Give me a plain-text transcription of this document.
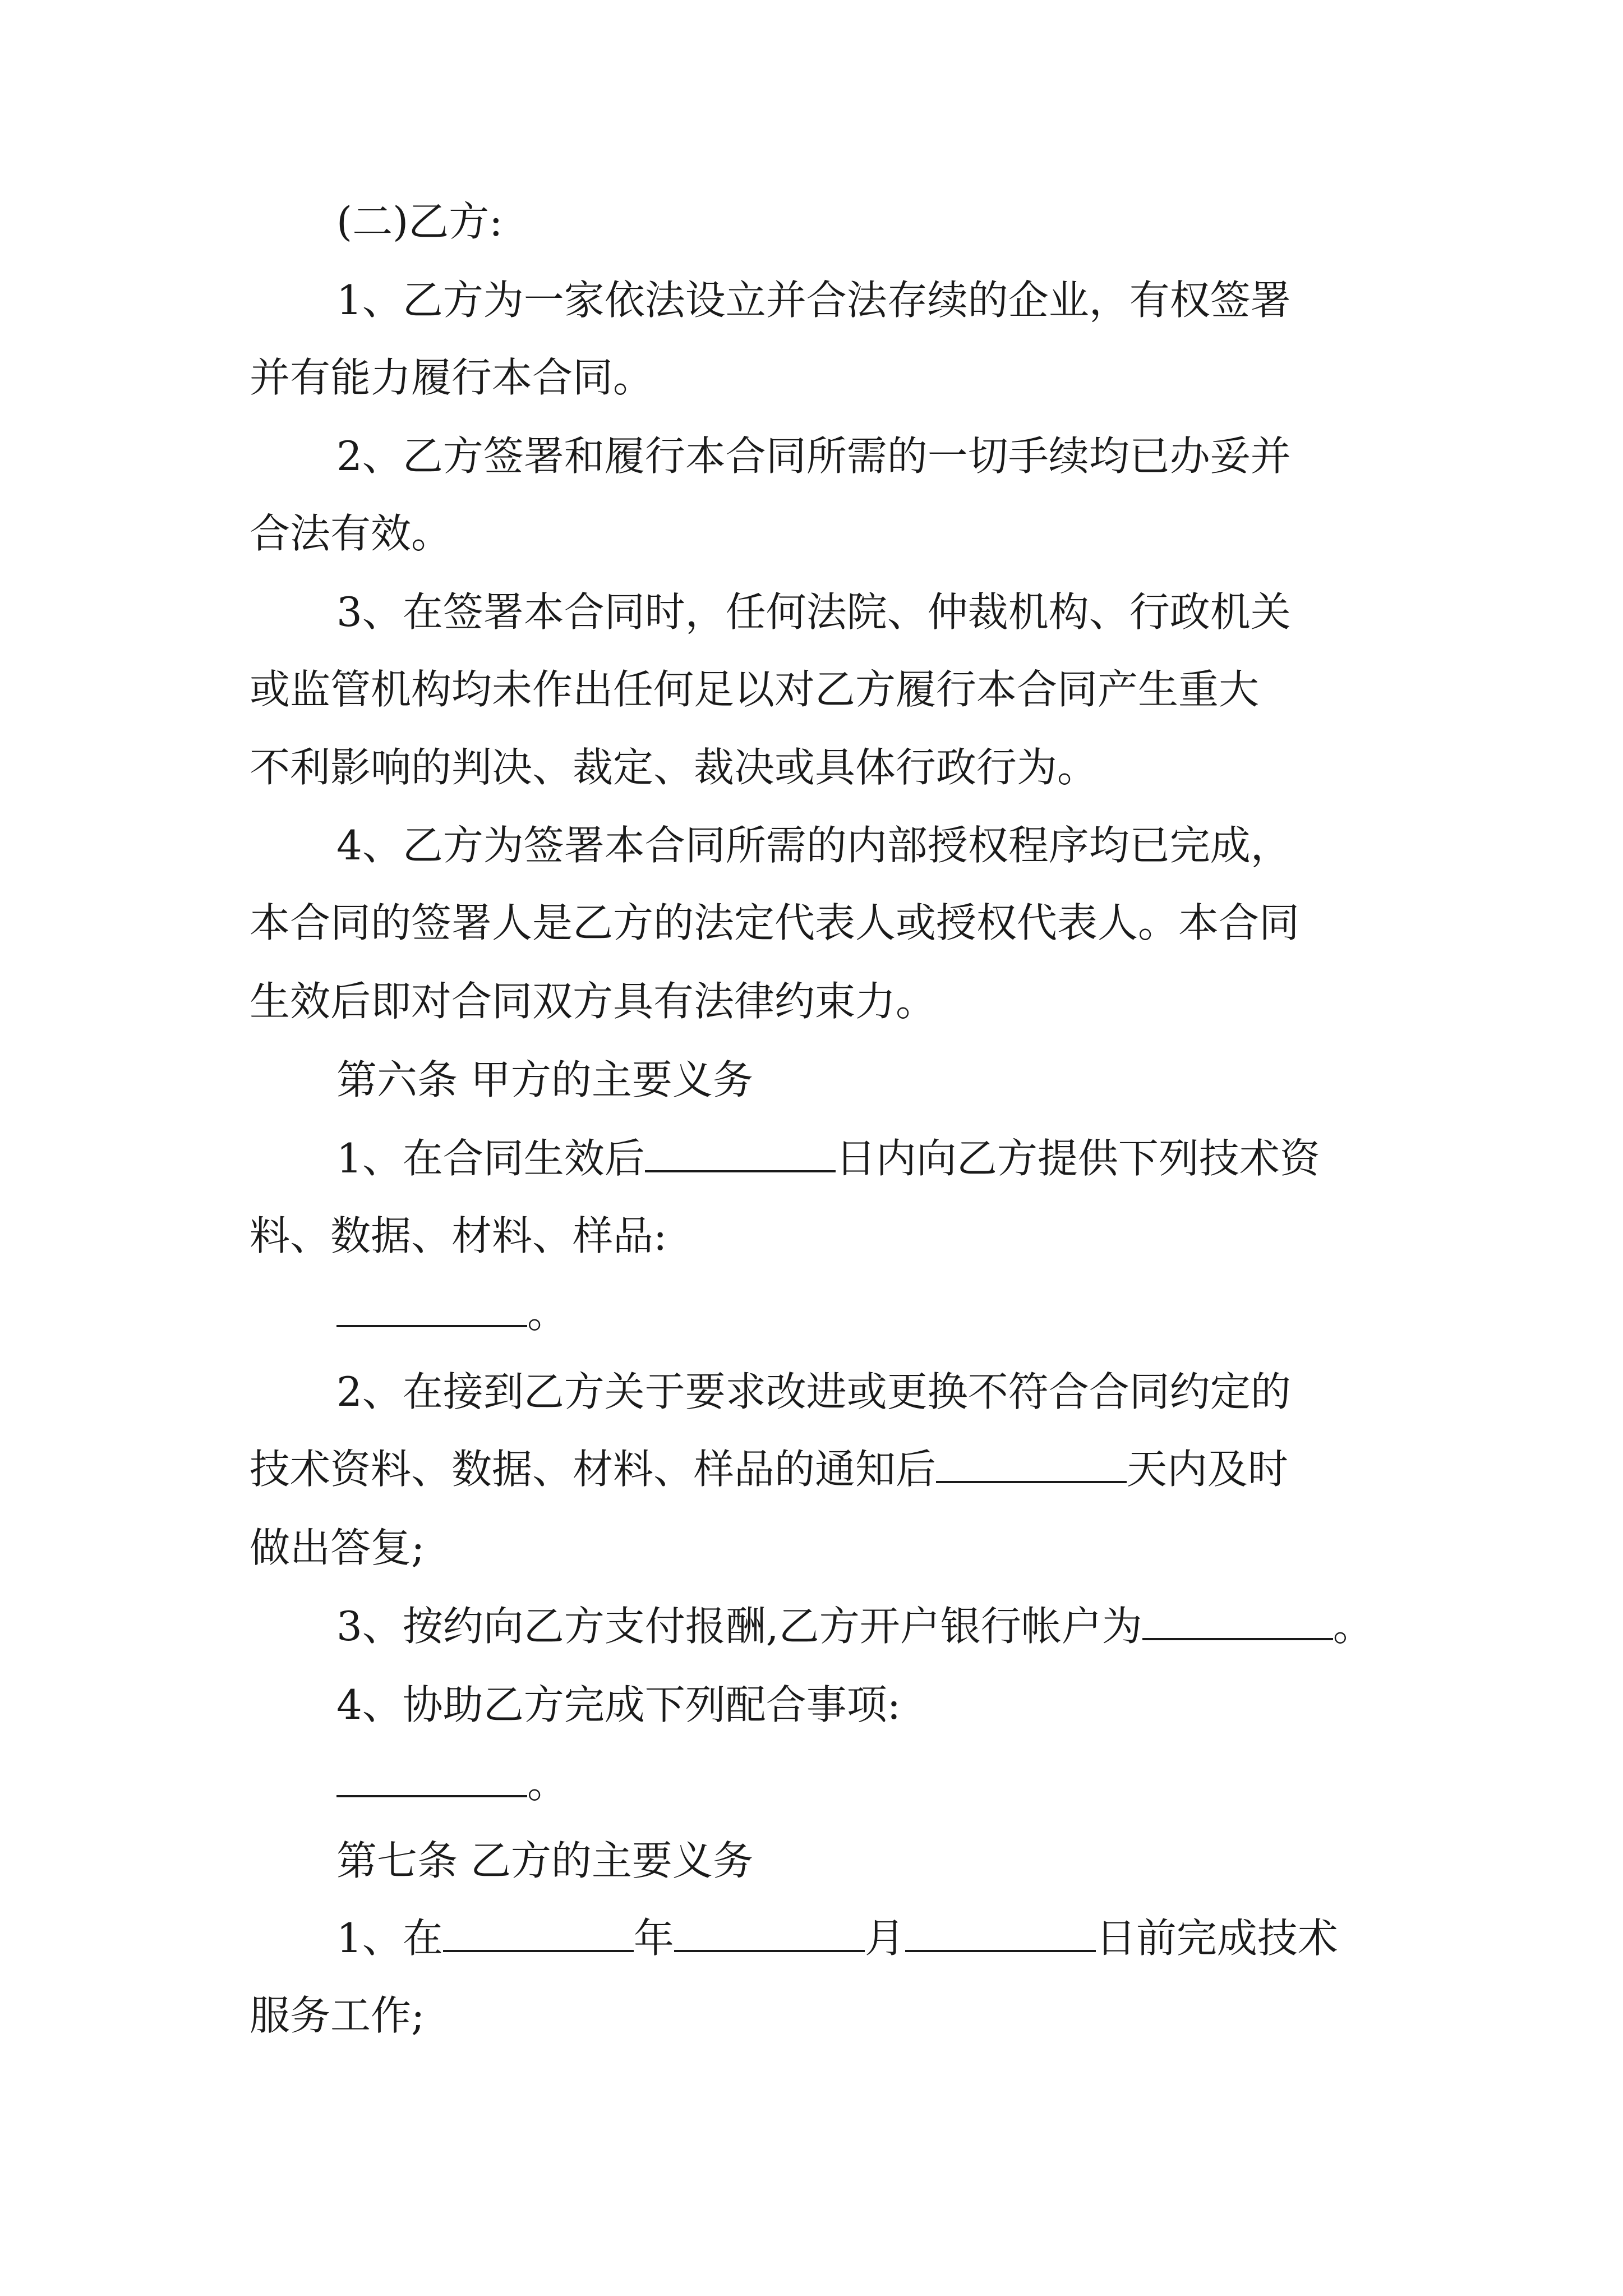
(二)乙方:
1、乙方为一家依法设立并合法存续的企业，有权签署
并有能力履行本合同。
2、乙方签署和履行本合同所需的一切手续均已办妥并
合法有效。
3、在签署本合同时，任何法院、仲裁机构、行政机关
或监管机构均未作出任何足以对乙方履行本合同产生重大
不利影响的判决、裁定、裁决或具体行政行为。
4、乙方为签署本合同所需的内部授权程序均已完成，
本合同的签署人是乙方的法定代表人或授权代表人。本合同
生效后即对合同双方具有法律约束力。
第六条 甲方的主要义务
1、在合同生效后	日内向乙方提供下列技术资
料、数据、材料、样品:
。
2、在接到乙方关于要求改进或更换不符合合同约定的
技术资料、数据、材料、样品的通知后	天内及时
做出答复;
3、按约向乙方支付报酬,乙方开户银行帐户为	。
4、协助乙方完成下列配合事项:
。
第七条 乙方的主要义务
1、在	年	月	日前完成技术
服务工作;
